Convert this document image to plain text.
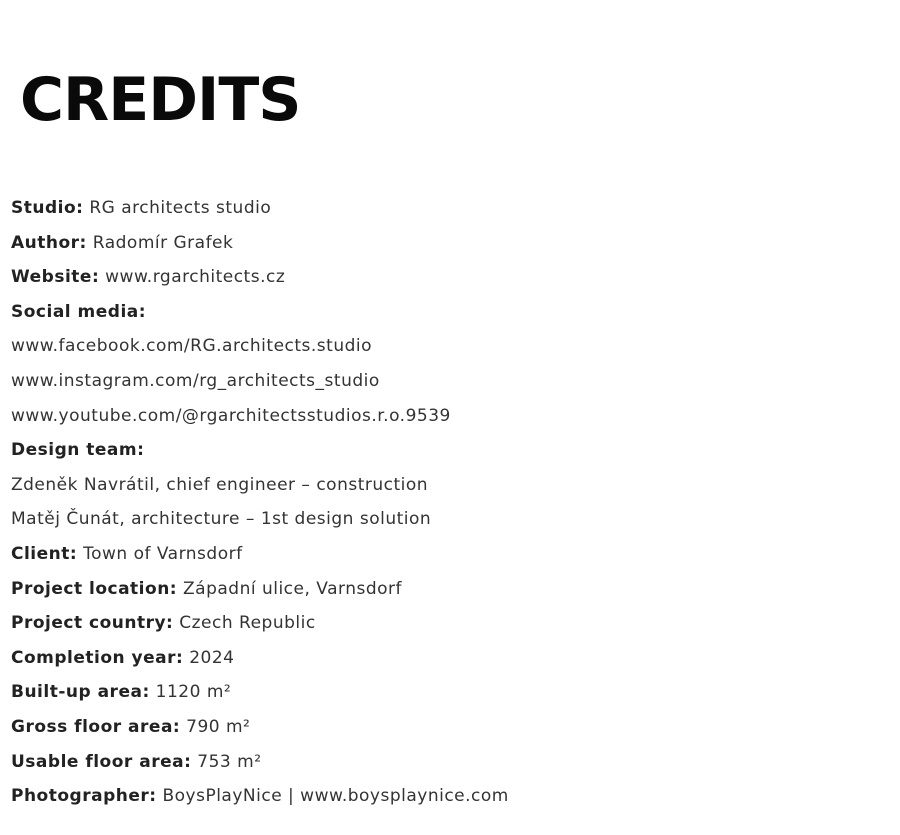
CREDITS
Studio: RG architects studio
Author: Radomír Grafek
Website: www.rgarchitects.cz
Social media:
www.facebook.com/RG.architects.studio
www.instagram.com/rg_architects_studio
www.youtube.com/@rgarchitectsstudios.r.o.9539
Design team:
Zdeněk Navrátil, chief engineer – construction
Matěj Čunát, architecture – 1st design solution
Client: Town of Varnsdorf
Project location: Západní ulice, Varnsdorf
Project country: Czech Republic
Completion year: 2024
Built-up area: 1120 m²
Gross floor area: 790 m²
Usable floor area: 753 m²
Photographer: BoysPlayNice | www.boysplaynice.com
